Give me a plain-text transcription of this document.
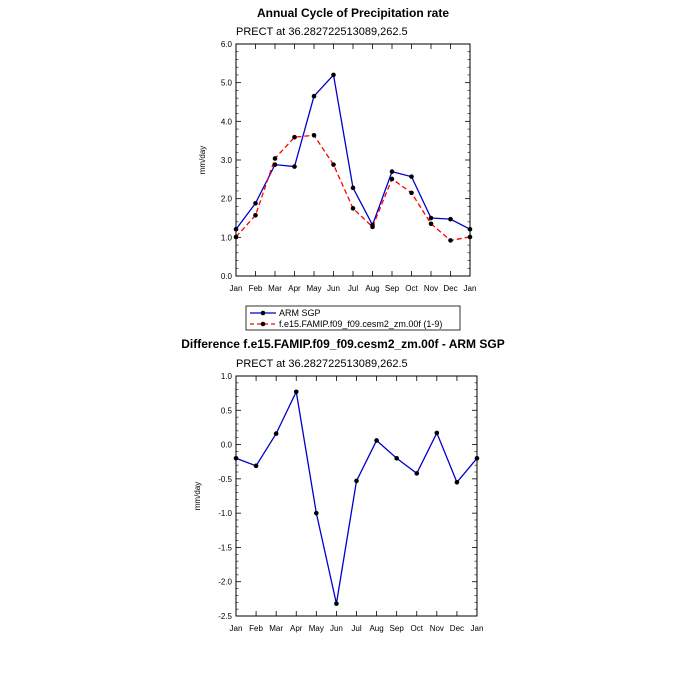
Annual Cycle of Precipitation rate
PRECT at 36.282722513089,262.5
mm/day
0.0
1.0
2.0
3.0
4.0
5.0
6.0
Jan Feb Mar Apr May Jun Jul Aug Sep Oct Nov Dec Jan
ARM SGP
f.e15.FAMIP.f09_f09.cesm2_zm.00f (1-9)
Difference f.e15.FAMIP.f09_f09.cesm2_zm.00f - ARM SGP
PRECT at 36.282722513089,262.5
mm/day
-2.5
-2.0
-1.5
-1.0
-0.5
0.0
0.5
1.0
Jan Feb Mar Apr May Jun Jul Aug Sep Oct Nov Dec Jan
